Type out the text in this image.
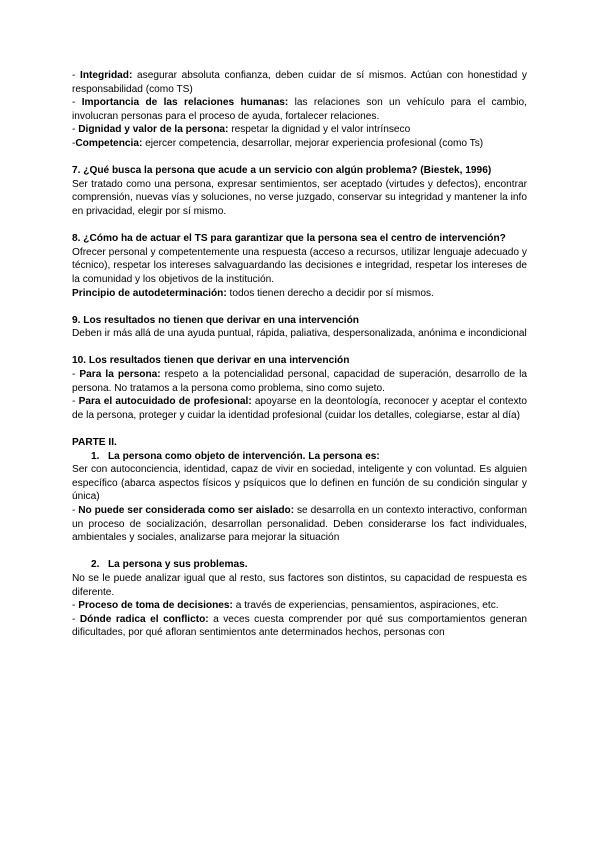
- Integridad: asegurar absoluta confianza, deben cuidar de sí mismos. Actúan con honestidad y responsabilidad (como TS)

- Importancia de las relaciones humanas: las relaciones son un vehículo para el cambio, involucran personas para el proceso de ayuda, fortalecer relaciones.

- Dignidad y valor de la persona: respetar la dignidad y el valor intrínseco

-Competencia: ejercer competencia, desarrollar, mejorar experiencia profesional (como Ts)

7. ¿Qué busca la persona que acude a un servicio con algún problema? (Biestek, 1996)

Ser tratado como una persona, expresar sentimientos, ser aceptado (virtudes y defectos), encontrar comprensión, nuevas vías y soluciones, no verse juzgado, conservar su integridad y mantener la info en privacidad, elegir por sí mismo.

8. ¿Cómo ha de actuar el TS para garantizar que la persona sea el centro de intervención?

Ofrecer personal y competentemente una respuesta (acceso a recursos, utilizar lenguaje adecuado y técnico), respetar los intereses salvaguardando las decisiones e integridad, respetar los intereses de la comunidad y los objetivos de la institución.

Principio de autodeterminación: todos tienen derecho a decidir por sí mismos.

9. Los resultados no tienen que derivar en una intervención

Deben ir más allá de una ayuda puntual, rápida, paliativa, despersonalizada, anónima e incondicional

10. Los resultados tienen que derivar en una intervención

- Para la persona: respeto a la potencialidad personal, capacidad de superación, desarrollo de la persona. No tratamos a la persona como problema, sino como sujeto.

- Para el autocuidado de profesional: apoyarse en la deontología, reconocer y aceptar el contexto de la persona, proteger y cuidar la identidad profesional (cuidar los detalles, colegiarse, estar al día)

PARTE II.

1. La persona como objeto de intervención. La persona es:

Ser con autoconciencia, identidad, capaz de vivir en sociedad, inteligente y con voluntad. Es alguien específico (abarca aspectos físicos y psíquicos que lo definen en función de su condición singular y única)

- No puede ser considerada como ser aislado: se desarrolla en un contexto interactivo, conforman un proceso de socialización, desarrollan personalidad. Deben considerarse los fact individuales, ambientales y sociales, analizarse para mejorar la situación

2. La persona y sus problemas.

No se le puede analizar igual que al resto, sus factores son distintos, su capacidad de respuesta es diferente.

- Proceso de toma de decisiones: a través de experiencias, pensamientos, aspiraciones, etc.

- Dónde radica el conflicto: a veces cuesta comprender por qué sus comportamientos generan dificultades, por qué afloran sentimientos ante determinados hechos, personas con
